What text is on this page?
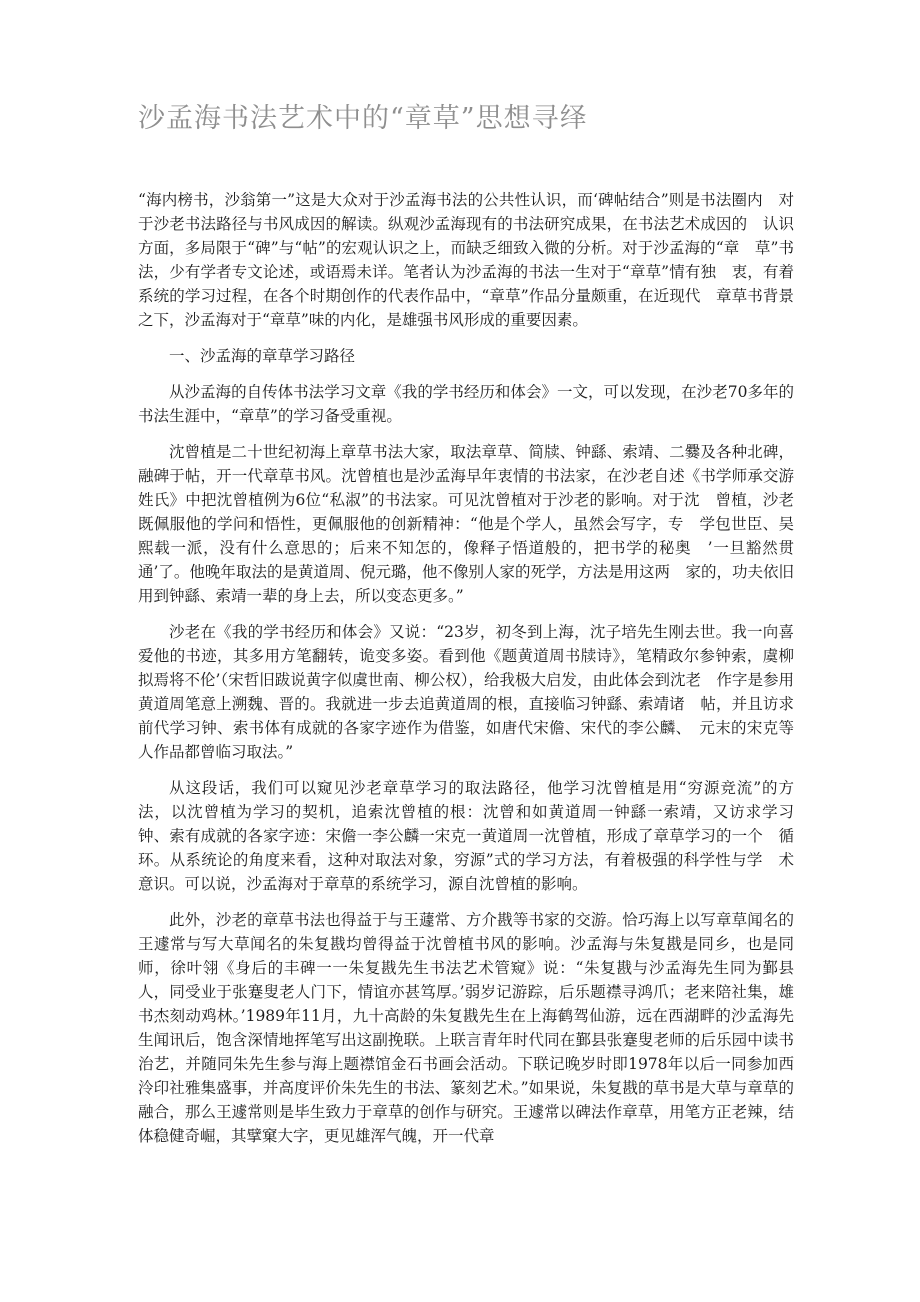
沙孟海书法艺术中的“章草”思想寻绎

“海内榜书，沙翁第一”这是大众对于沙孟海书法的公共性认识，而‘碑帖结合”则是书法圈内　对于沙老书法路径与书风成因的解读。纵观沙孟海现有的书法研究成果，在书法艺术成因的　认识方面，多局限于“碑”与“帖”的宏观认识之上，而缺乏细致入微的分析。对于沙孟海的“章　草”书法，少有学者专文论述，或语焉未详。笔者认为沙孟海的书法一生对于“章草”情有独　衷，有着系统的学习过程，在各个时期创作的代表作品中，“章草”作品分量颇重，在近现代　章草书背景之下，沙孟海对于“章草”味的内化，是雄强书风形成的重要因素。

一、沙孟海的章草学习路径

从沙孟海的自传体书法学习文章《我的学书经历和体会》一文，可以发现，在沙老70多年的书法生涯中，“章草”的学习备受重视。

沈曾植是二十世纪初海上章草书法大家，取法章草、简牍、钟繇、索靖、二爨及各种北碑，融碑于帖，开一代章草书风。沈曾植也是沙孟海早年衷情的书法家，在沙老自述《书学师承交游姓氏》中把沈曾植例为6位“私淑”的书法家。可见沈曾植对于沙老的影响。对于沈　曾植，沙老既佩服他的学问和悟性，更佩服他的创新精神：“他是个学人，虽然会写字，专　学包世臣、吴熙载一派，没有什么意思的；后来不知怎的，像释子悟道般的，把书学的秘奥　’一旦豁然贯通’了。他晚年取法的是黄道周、倪元璐，他不像别人家的死学，方法是用这两　家的，功夫依旧用到钟繇、索靖一辈的身上去，所以变态更多。”

沙老在《我的学书经历和体会》又说：“23岁，初冬到上海，沈子培先生刚去世。我一向喜爱他的书迹，其多用方笔翻转，诡变多姿。看到他《题黄道周书牍诗》，笔精政尔参钟索，虞柳拟焉将不伦’（宋哲旧跋说黄字似虞世南、柳公权），给我极大启发，由此体会到沈老　作字是参用黄道周笔意上溯魏、晋的。我就进一步去追黄道周的根，直接临习钟繇、索靖诸　帖，并且访求前代学习钟、索书体有成就的各家字迹作为借鉴，如唐代宋儋、宋代的李公麟、　元末的宋克等人作品都曾临习取法。”

从这段话，我们可以窥见沙老章草学习的取法路径，他学习沈曾植是用“穷源竞流”的方　法，以沈曾植为学习的契机，追索沈曾植的根：沈曾和如黄道周一钟繇一索靖，又访求学习　钟、索有成就的各家字迹：宋儋一李公麟一宋克一黄道周一沈曾植，形成了章草学习的一个　循环。从系统论的角度来看，这种对取法对象，穷源”式的学习方法，有着极强的科学性与学　术意识。可以说，沙孟海对于章草的系统学习，源自沈曾植的影响。

此外，沙老的章草书法也得益于与王蘧常、方介戡等书家的交游。恰巧海上以写章草闻名的王遽常与写大草闻名的朱复戡均曾得益于沈曾植书风的影响。沙孟海与朱复戡是同乡，也是同师，徐叶翎《身后的丰碑一一朱复戡先生书法艺术管窥》说：“朱复戡与沙孟海先生同为鄞县人，同受业于张蹇叟老人门下，情谊亦甚笃厚。’弱岁记游踪，后乐题襟寻鸿爪；老来陪社集，雄书杰刻动鸡林。’1989年11月，九十高龄的朱复戡先生在上海鹤驾仙游，远在西湖畔的沙孟海先生闻讯后，饱含深情地挥笔写出这副挽联。上联言青年时代同在鄞县张蹇叟老师的后乐园中读书治艺，并随同朱先生参与海上题襟馆金石书画会活动。下联记晚岁时即1978年以后一同参加西泠印社雅集盛事，并高度评价朱先生的书法、篆刻艺术。”如果说，朱复戡的草书是大草与章草的融合，那么王遽常则是毕生致力于章草的创作与研究。王遽常以碑法作章草，用笔方正老辣，结体稳健奇崛，其擘窠大字，更见雄浑气魄，开一代章
